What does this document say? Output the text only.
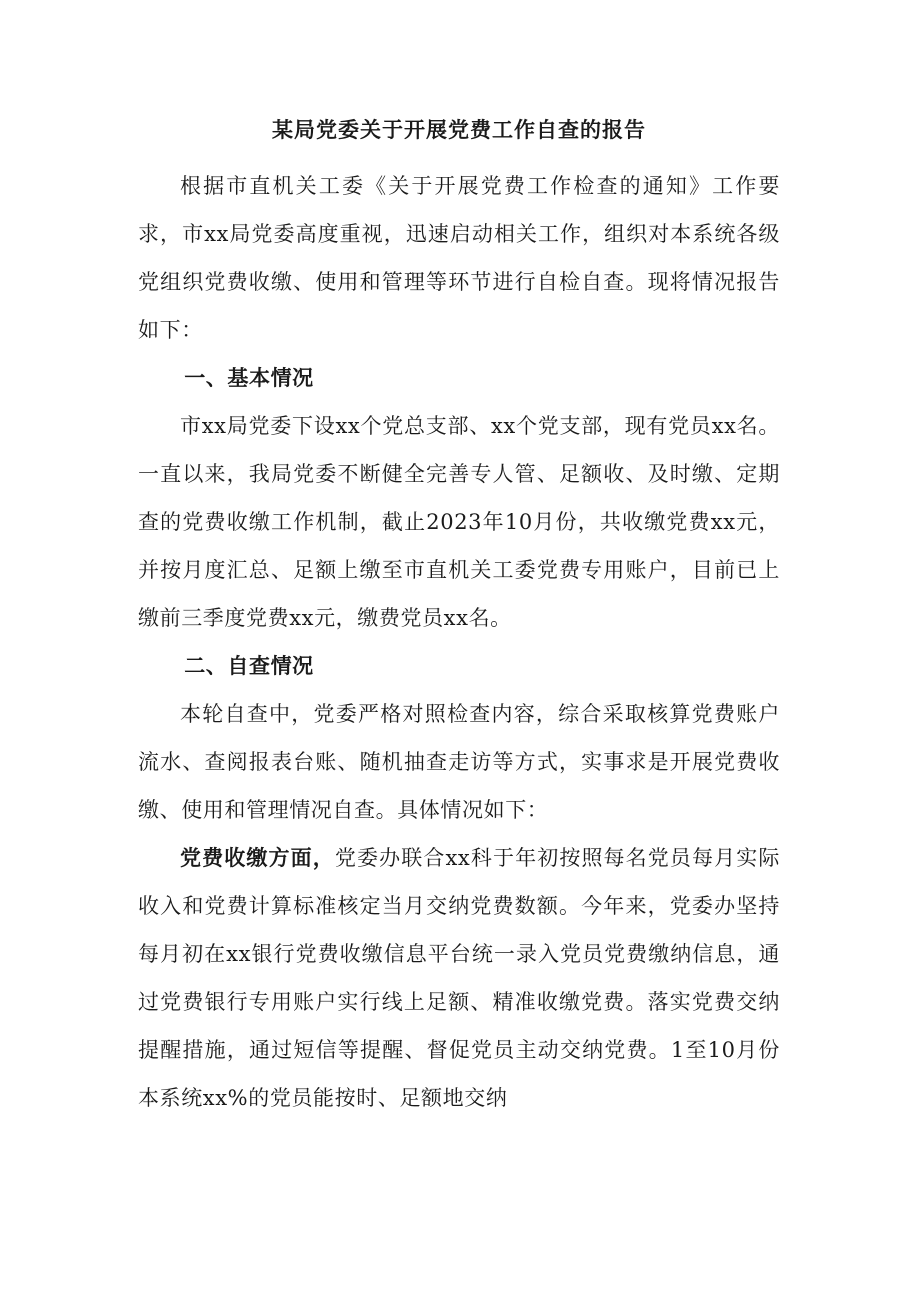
某局党委关于开展党费工作自查的报告

根据市直机关工委《关于开展党费工作检查的通知》工作要求，市xx局党委高度重视，迅速启动相关工作，组织对本系统各级党组织党费收缴、使用和管理等环节进行自检自查。现将情况报告如下：

一、基本情况

市xx局党委下设xx个党总支部、xx个党支部，现有党员xx名。一直以来，我局党委不断健全完善专人管、足额收、及时缴、定期查的党费收缴工作机制，截止2023年10月份，共收缴党费xx元，并按月度汇总、足额上缴至市直机关工委党费专用账户，目前已上缴前三季度党费xx元，缴费党员xx名。

二、自查情况

本轮自查中，党委严格对照检查内容，综合采取核算党费账户流水、查阅报表台账、随机抽查走访等方式，实事求是开展党费收缴、使用和管理情况自查。具体情况如下：

党费收缴方面，党委办联合xx科于年初按照每名党员每月实际收入和党费计算标准核定当月交纳党费数额。今年来，党委办坚持每月初在xx银行党费收缴信息平台统一录入党员党费缴纳信息，通过党费银行专用账户实行线上足额、精准收缴党费。落实党费交纳提醒措施，通过短信等提醒、督促党员主动交纳党费。1至10月份本系统xx%的党员能按时、足额地交纳
